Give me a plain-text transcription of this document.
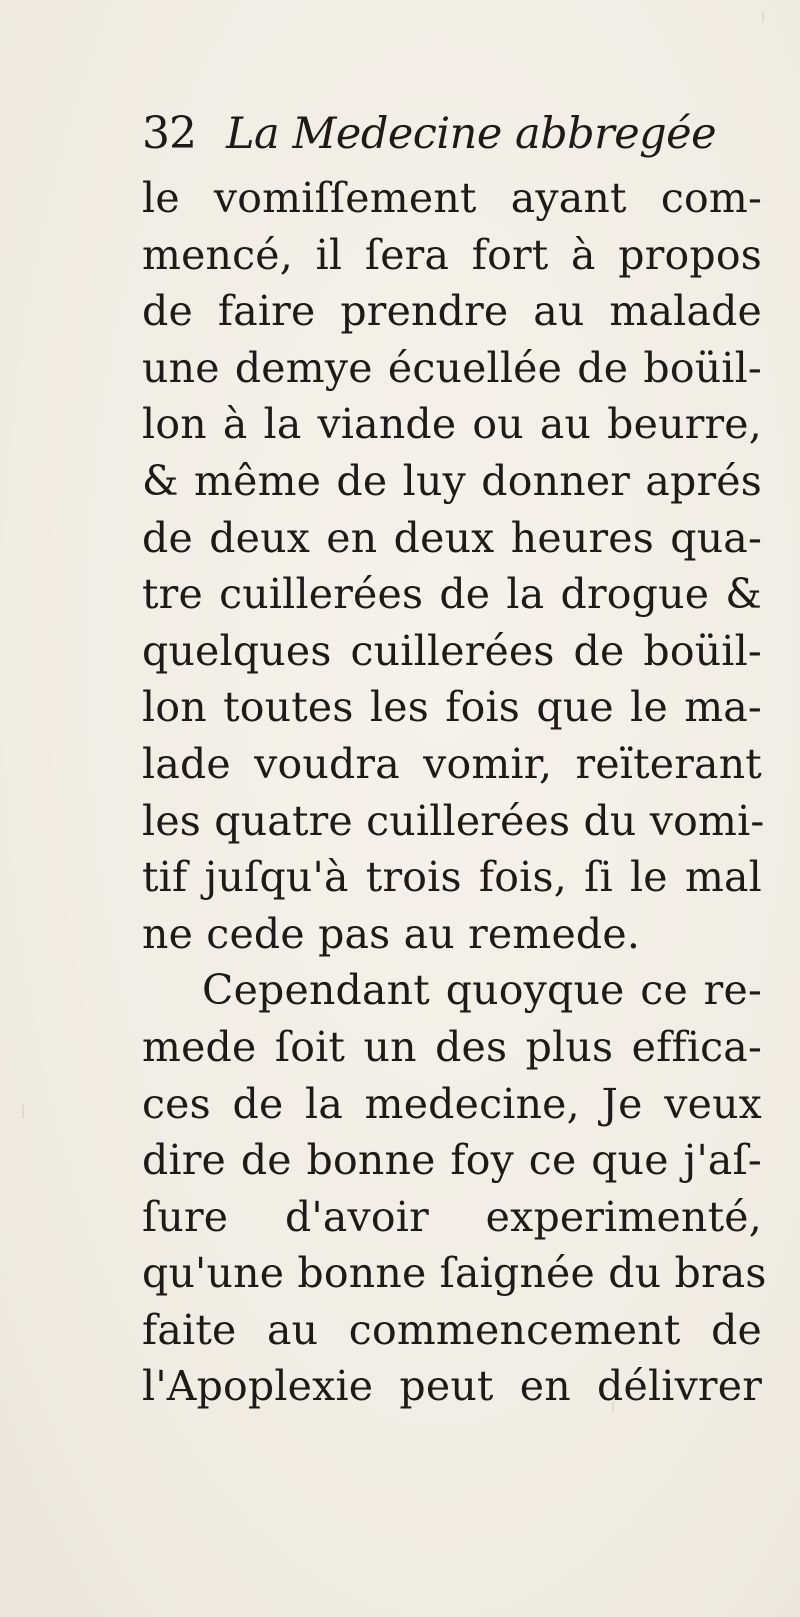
32 La Medecine abbregée
le vomiſſement ayant com-
mencé, il ſera fort à propos
de faire prendre au malade
une demye écuellée de boüil-
lon à la viande ou au beurre,
& même de luy donner aprés
de deux en deux heures qua-
tre cuillerées de la drogue &
quelques cuillerées de boüil-
lon toutes les fois que le ma-
lade voudra vomir, reïterant
les quatre cuillerées du vomi-
tif juſqu'à trois fois, ſi le mal
ne cede pas au remede.
Cependant quoyque ce re-
mede ſoit un des plus effica-
ces de la medecine, Je veux
dire de bonne foy ce que j'aſ-
ſure d'avoir experimenté,
qu'une bonne ſaignée du bras
faite au commencement de
l'Apoplexie peut en délivrer
